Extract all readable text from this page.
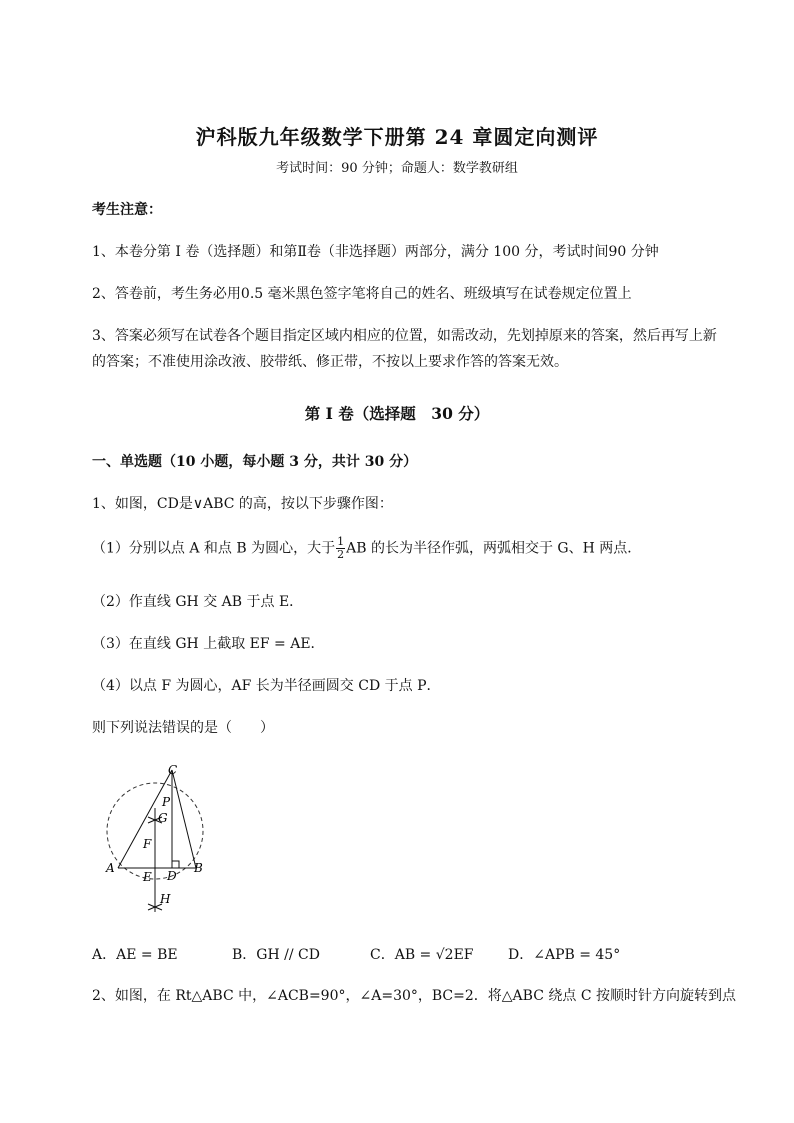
沪科版九年级数学下册第 24 章圆定向测评
考试时间：90 分钟；命题人：数学教研组
考生注意：
1、本卷分第 I 卷（选择题）和第Ⅱ卷（非选择题）两部分，满分 100 分，考试时间90 分钟
2、答卷前，考生务必用0.5 毫米黑色签字笔将自己的姓名、班级填写在试卷规定位置上
3、答案必须写在试卷各个题目指定区域内相应的位置，如需改动，先划掉原来的答案，然后再写上新
的答案；不准使用涂改液、胶带纸、修正带，不按以上要求作答的答案无效。
第 I 卷（选择题　30 分）
一、单选题（10 小题，每小题 3 分，共计 30 分）
1、如图，CD是∨ABC 的高，按以下步骤作图：
（1）分别以点 A 和点 B 为圆心，大于 $\frac{1}{2}$ AB 的长为半径作弧，两弧相交于 G、H 两点．
（2）作直线 GH 交 AB 于点 E．
（3）在直线 GH 上截取 EF = AE．
（4）以点 F 为圆心，AF 长为半径画圆交 CD 于点 P．
则下列说法错误的是（　　）
C
P
G
F
A
E D
B
H
A．AE = BE	B．GH // CD	C．AB = √2EF D．∠APB = 45°
2、如图，在 Rt△ABC 中，∠ACB=90°，∠A=30°，BC=2．将△ABC 绕点 C 按顺时针方向旋转到点
